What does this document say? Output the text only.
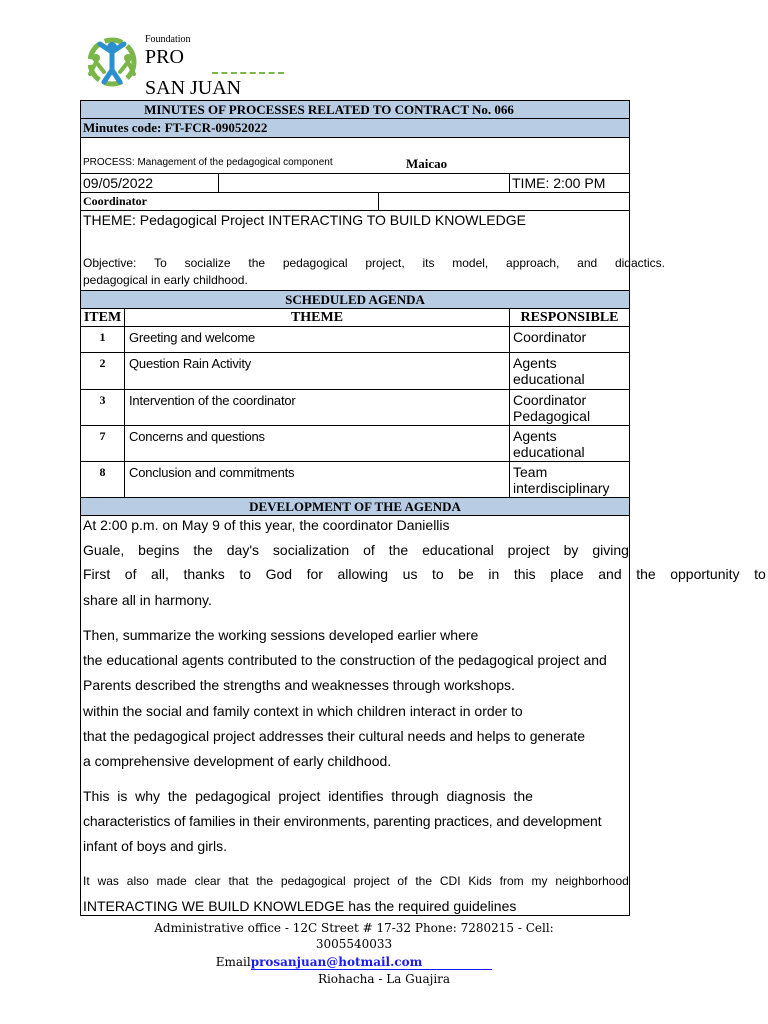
Foundation
PRO
SAN JUAN
MINUTES OF PROCESSES RELATED TO CONTRACT No. 066
Minutes code: FT-FCR-09052022
PROCESS: Management of the pedagogical component	Maicao
09/05/2022	TIME: 2:00 PM
Coordinator
THEME: Pedagogical Project INTERACTING TO BUILD KNOWLEDGE
Objective: To socialize the pedagogical project, its model, approach, and didactics.
pedagogical in early childhood.
SCHEDULED AGENDA
ITEM	THEME	RESPONSIBLE
1	Greeting and welcome	Coordinator
2	Question Rain Activity	Agents
educational
3	Intervention of the coordinator	Coordinator
Pedagogical
7	Concerns and questions	Agents
educational
8	Conclusion and commitments	Team
interdisciplinary
DEVELOPMENT OF THE AGENDA
At 2:00 p.m. on May 9 of this year, the coordinator Daniellis
Guale, begins the day's socialization of the educational project by giving
First of all, thanks to God for allowing us to be in this place and the opportunity to
share all in harmony.
Then, summarize the working sessions developed earlier where
the educational agents contributed to the construction of the pedagogical project and
Parents described the strengths and weaknesses through workshops.
within the social and family context in which children interact in order to
that the pedagogical project addresses their cultural needs and helps to generate
a comprehensive development of early childhood.
This is why the pedagogical project identifies through diagnosis the
characteristics of families in their environments, parenting practices, and development
infant of boys and girls.
It was also made clear that the pedagogical project of the CDI Kids from my neighborhood
INTERACTING WE BUILD KNOWLEDGE has the required guidelines
Administrative office - 12C Street # 17-32 Phone: 7280215 - Cell:
3005540033
Emailprosanjuan@hotmail.com
Riohacha - La Guajira
